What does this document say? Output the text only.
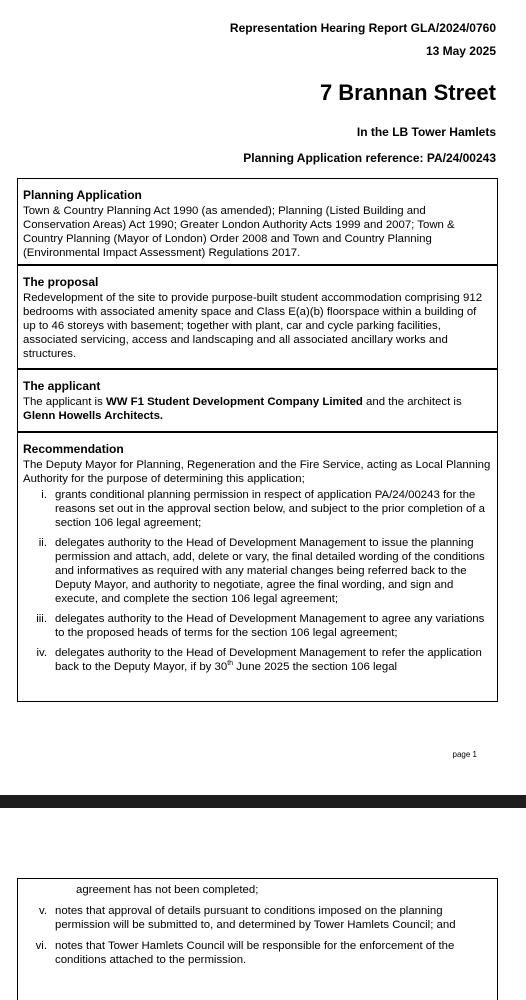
Representation Hearing Report GLA/2024/0760
13 May 2025
7 Brannan Street
In the LB Tower Hamlets
Planning Application reference: PA/24/00243
Planning Application
Town & Country Planning Act 1990 (as amended); Planning (Listed Building and Conservation Areas) Act 1990; Greater London Authority Acts 1999 and 2007; Town & Country Planning (Mayor of London) Order 2008 and Town and Country Planning (Environmental Impact Assessment) Regulations 2017.
The proposal
Redevelopment of the site to provide purpose-built student accommodation comprising 912 bedrooms with associated amenity space and Class E(a)(b) floorspace within a building of up to 46 storeys with basement; together with plant, car and cycle parking facilities, associated servicing, access and landscaping and all associated ancillary works and structures.
The applicant
The applicant is WW F1 Student Development Company Limited and the architect is Glenn Howells Architects.
Recommendation
The Deputy Mayor for Planning, Regeneration and the Fire Service, acting as Local Planning Authority for the purpose of determining this application;
i. grants conditional planning permission in respect of application PA/24/00243 for the reasons set out in the approval section below, and subject to the prior completion of a section 106 legal agreement;
ii. delegates authority to the Head of Development Management to issue the planning permission and attach, add, delete or vary, the final detailed wording of the conditions and informatives as required with any material changes being referred back to the Deputy Mayor, and authority to negotiate, agree the final wording, and sign and execute, and complete the section 106 legal agreement;
iii. delegates authority to the Head of Development Management to agree any variations to the proposed heads of terms for the section 106 legal agreement;
iv. delegates authority to the Head of Development Management to refer the application back to the Deputy Mayor, if by 30th June 2025 the section 106 legal
page 1
agreement has not been completed;
v. notes that approval of details pursuant to conditions imposed on the planning permission will be submitted to, and determined by Tower Hamlets Council; and
vi. notes that Tower Hamlets Council will be responsible for the enforcement of the conditions attached to the permission.
